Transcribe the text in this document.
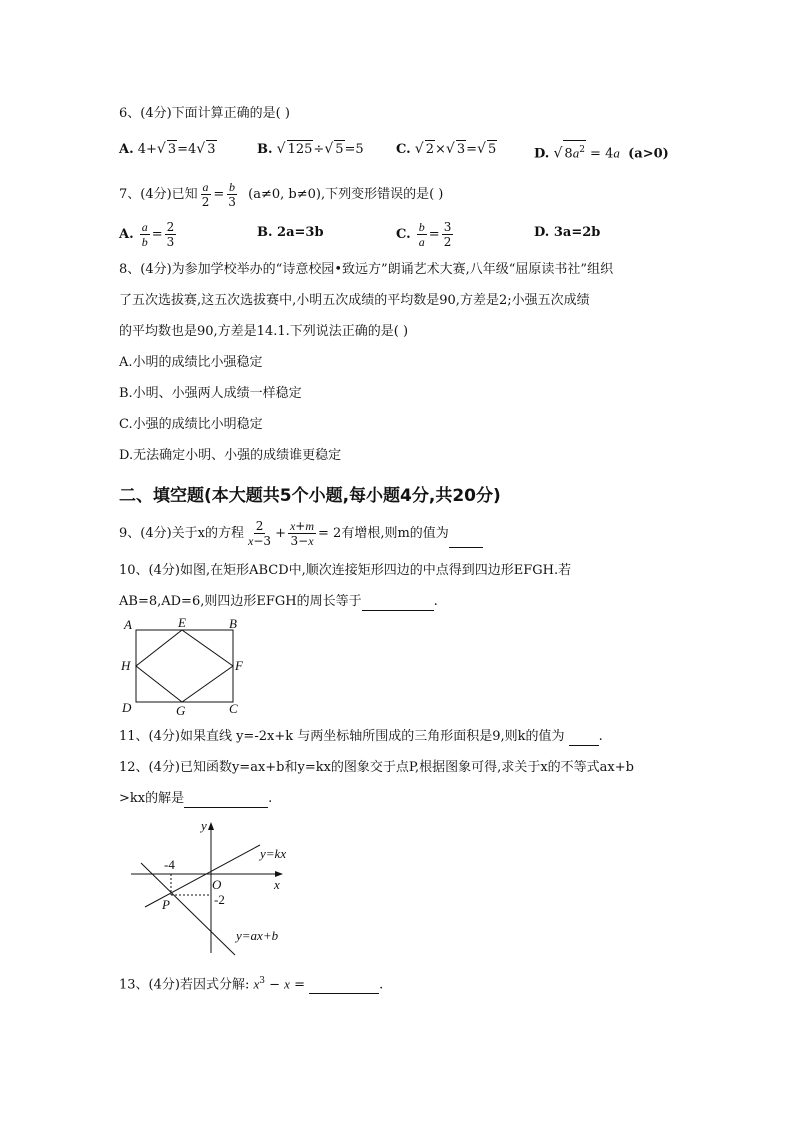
6、(4分)下面计算正确的是( )
A. 4+√ 3=4√ 3	B. √ 125÷√ 5=5 C. √ 2×√ 3=√ 5	D. √ $8a^2 = 4a$ (a>0)
7、(4分)已知 $\frac{a}{2} = \frac{b}{3} (a\ne 0$, b≠0),下列变形错误的是( )
A. $\frac{a}{b} = \frac{2}{3}$	B. 2a=3b	C. $\frac{b}{a} = \frac{3}{2}$	D. 3a=2b
8、(4分)为参加学校举办的“诗意校园•致远方”朗诵艺术大赛,八年级“屈原读书社”组织
了五次选拔赛,这五次选拔赛中,小明五次成绩的平均数是90,方差是2;小强五次成绩
的平均数也是90,方差是14.1.下列说法正确的是( )
A.小明的成绩比小强稳定
B.小明、小强两人成绩一样稳定
C.小强的成绩比小明稳定
D.无法确定小明、小强的成绩谁更稳定
二、填空题(本大题共5个小题,每小题4分,共20分)
9、(4分)关于x的方程 $\frac{2}{x-3} + \frac{x+m}{3-x} = 2$有增根,则m的值为
10、(4分)如图,在矩形ABCD中,顺次连接矩形四边的中点得到四边形EFGH.若
AB=8,AD=6,则四边形EFGH的周长等于	.
A	E	B
H	F
D	G	C
11、(4分)如果直线 y=-2x+k 与两坐标轴所围成的三角形面积是9,则k的值为	.
12、(4分)已知函数y=ax+b和y=kx的图象交于点P,根据图象可得,求关于x的不等式ax+b
>kx的解是	.
y
x
O
-4
-2
P
y=kx
y=ax+b
13、(4分)若因式分解: $x^3 - x$ =	.
